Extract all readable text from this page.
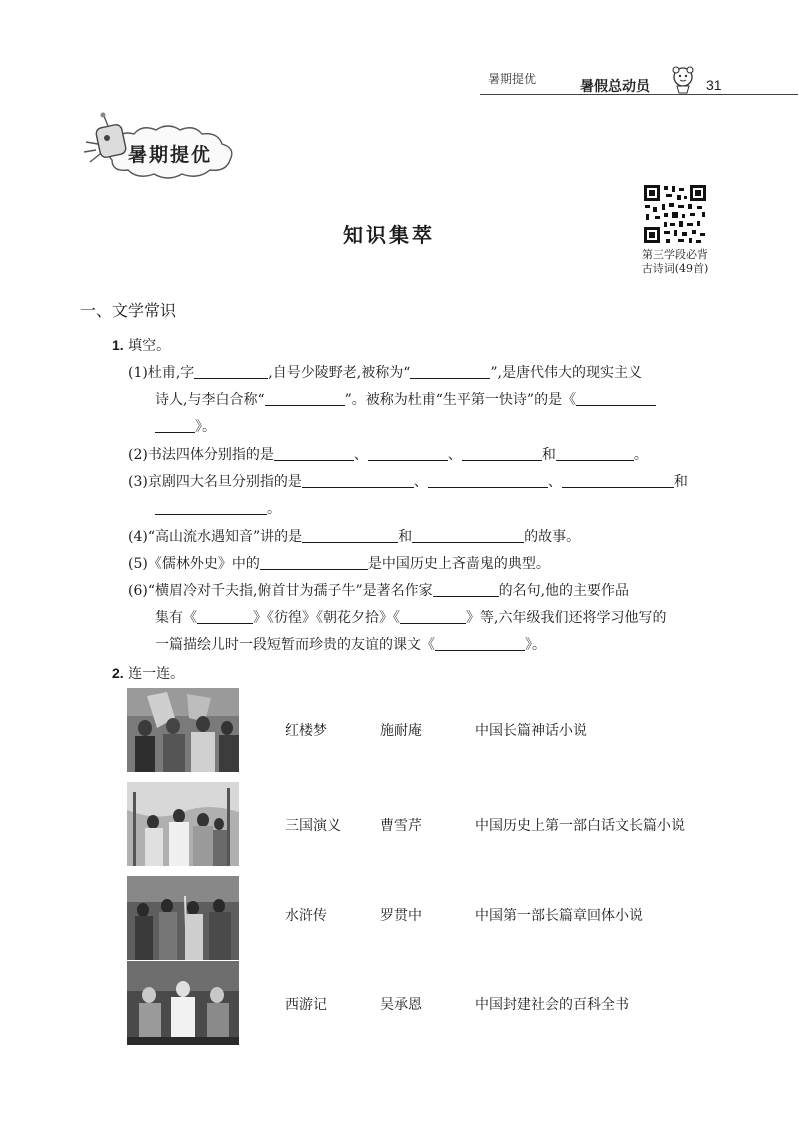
暑期提优	暑假总动员	31
暑期提优
知识集萃
第三学段必背
古诗词(49首)
一、文学常识
1. 填空。
(1)杜甫,字	,自号少陵野老,被称为“	”,是唐代伟大的现实主义
诗人,与李白合称“	”。被称为杜甫“生平第一快诗”的是《
》。
(2)书法四体分别指的是	、	、	和	。
(3)京剧四大名旦分别指的是	、	、	和
。
(4)“高山流水遇知音”讲的是	和	的故事。
(5)《儒林外史》中的	是中国历史上吝啬鬼的典型。
(6)“横眉冷对千夫指,俯首甘为孺子牛”是著名作家	的名句,他的主要作品
集有《	》《彷徨》《朝花夕拾》《	》等,六年级我们还将学习他写的
一篇描绘儿时一段短暂而珍贵的友谊的课文《	》。
2. 连一连。
红楼梦	施耐庵	中国长篇神话小说
三国演义	曹雪芹	中国历史上第一部白话文长篇小说
水浒传	罗贯中	中国第一部长篇章回体小说
西游记	吴承恩	中国封建社会的百科全书
